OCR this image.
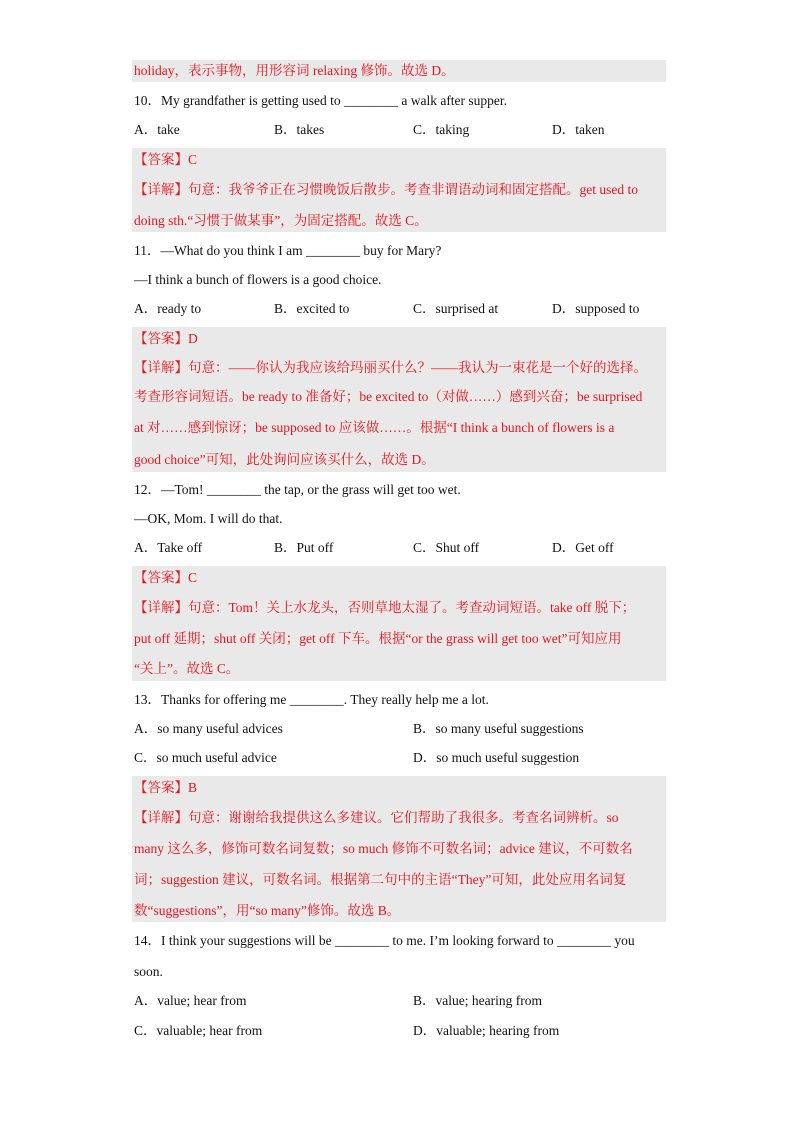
holiday，表示事物，用形容词 relaxing 修饰。故选 D。
10．My grandfather is getting used to ________ a walk after supper.
A．take	B．takes	C．taking	D．taken
【答案】C
【详解】句意：我爷爷正在习惯晚饭后散步。考查非谓语动词和固定搭配。get used to
doing sth.“习惯于做某事”，为固定搭配。故选 C。
11．—What do you think I am ________ buy for Mary?
—I think a bunch of flowers is a good choice.
A．ready to	B．excited to	C．surprised at	D．supposed to
【答案】D
【详解】句意：——你认为我应该给玛丽买什么？——我认为一束花是一个好的选择。
考查形容词短语。be ready to 准备好；be excited to（对做……）感到兴奋；be surprised
at 对……感到惊讶；be supposed to 应该做……。根据“I think a bunch of flowers is a
good choice”可知，此处询问应该买什么，故选 D。
12．—Tom! ________ the tap, or the grass will get too wet.
—OK, Mom. I will do that.
A．Take off	B．Put off	C．Shut off	D．Get off
【答案】C
【详解】句意：Tom！关上水龙头，否则草地太湿了。考查动词短语。take off 脱下；
put off 延期；shut off 关闭；get off 下车。根据“or the grass will get too wet”可知应用
“关上”。故选 C。
13．Thanks for offering me ________. They really help me a lot.
A．so many useful advices	B．so many useful suggestions
C．so much useful advice	D．so much useful suggestion
【答案】B
【详解】句意：谢谢给我提供这么多建议。它们帮助了我很多。考查名词辨析。so
many 这么多，修饰可数名词复数；so much 修饰不可数名词；advice 建议，不可数名
词；suggestion 建议，可数名词。根据第二句中的主语“They”可知，此处应用名词复
数“suggestions”，用“so many”修饰。故选 B。
14．I think your suggestions will be ________ to me. I’m looking forward to ________ you
soon.
A．value; hear from	B．value; hearing from
C．valuable; hear from	D．valuable; hearing from
